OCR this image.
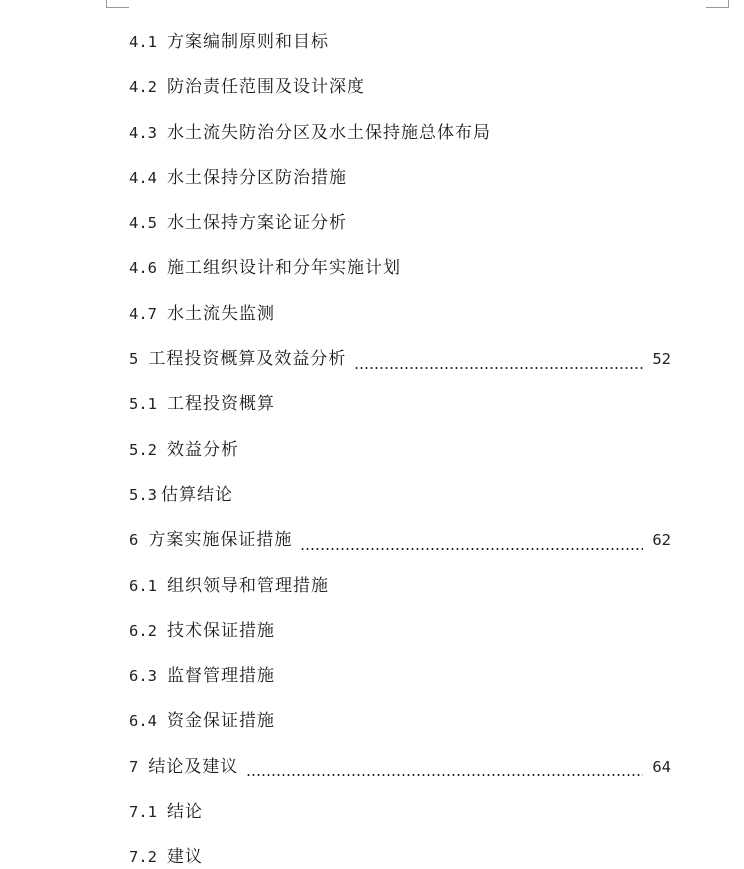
4.1 方案编制原则和目标
4.2 防治责任范围及设计深度
4.3 水土流失防治分区及水土保持施总体布局
4.4 水土保持分区防治措施
4.5 水土保持方案论证分析
4.6 施工组织设计和分年实施计划
4.7 水土流失监测
5 工程投资概算及效益分析	52
5.1 工程投资概算
5.2 效益分析
5.3 估算结论
6 方案实施保证措施	62
6.1 组织领导和管理措施
6.2 技术保证措施
6.3 监督管理措施
6.4 资金保证措施
7 结论及建议	64
7.1 结论
7.2 建议
